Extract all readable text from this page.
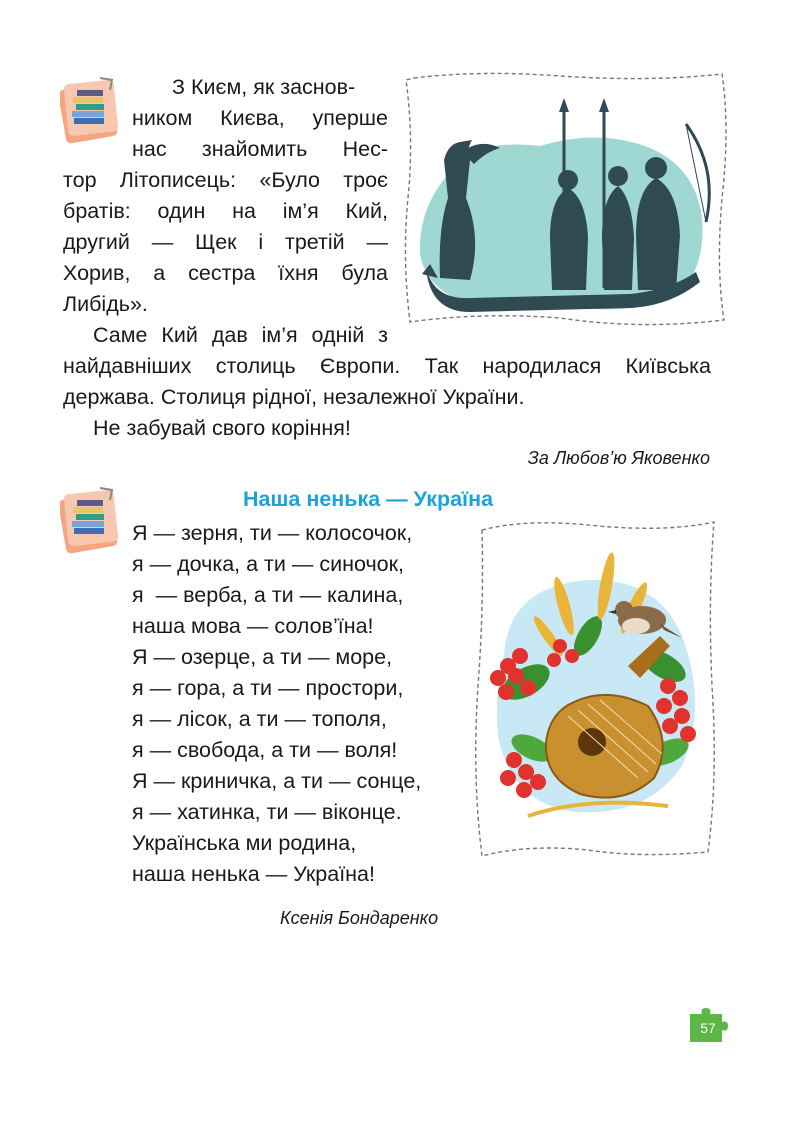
З Києм, як заснов-
ником Києва, уперше
нас знайомить Нес-
тор Літописець: «Було троє
братів: один на ім’я Кий,
другий — Щек і третій —
Хорив, а сестра їхня була
Либідь».
Саме Кий дав ім’я одній з
найдавніших столиць Європи. Так народилася Київська
держава. Столиця рідної, незалежної України.
Не забувай свого коріння!
За Любов’ю Яковенко
Наша ненька — Україна
Я — зерня, ти — колосочок,
я — дочка, а ти — синочок,
я  — верба, а ти — калина,
наша мова — солов’їна!
Я — озерце, а ти — море,
я — гора, а ти — простори,
я — лісок, а ти — тополя,
я — свобода, а ти — воля!
Я — криничка, а ти — сонце,
я — хатинка, ти — віконце.
Українська ми родина,
наша ненька — Україна!
Ксенія Бондаренко
57
